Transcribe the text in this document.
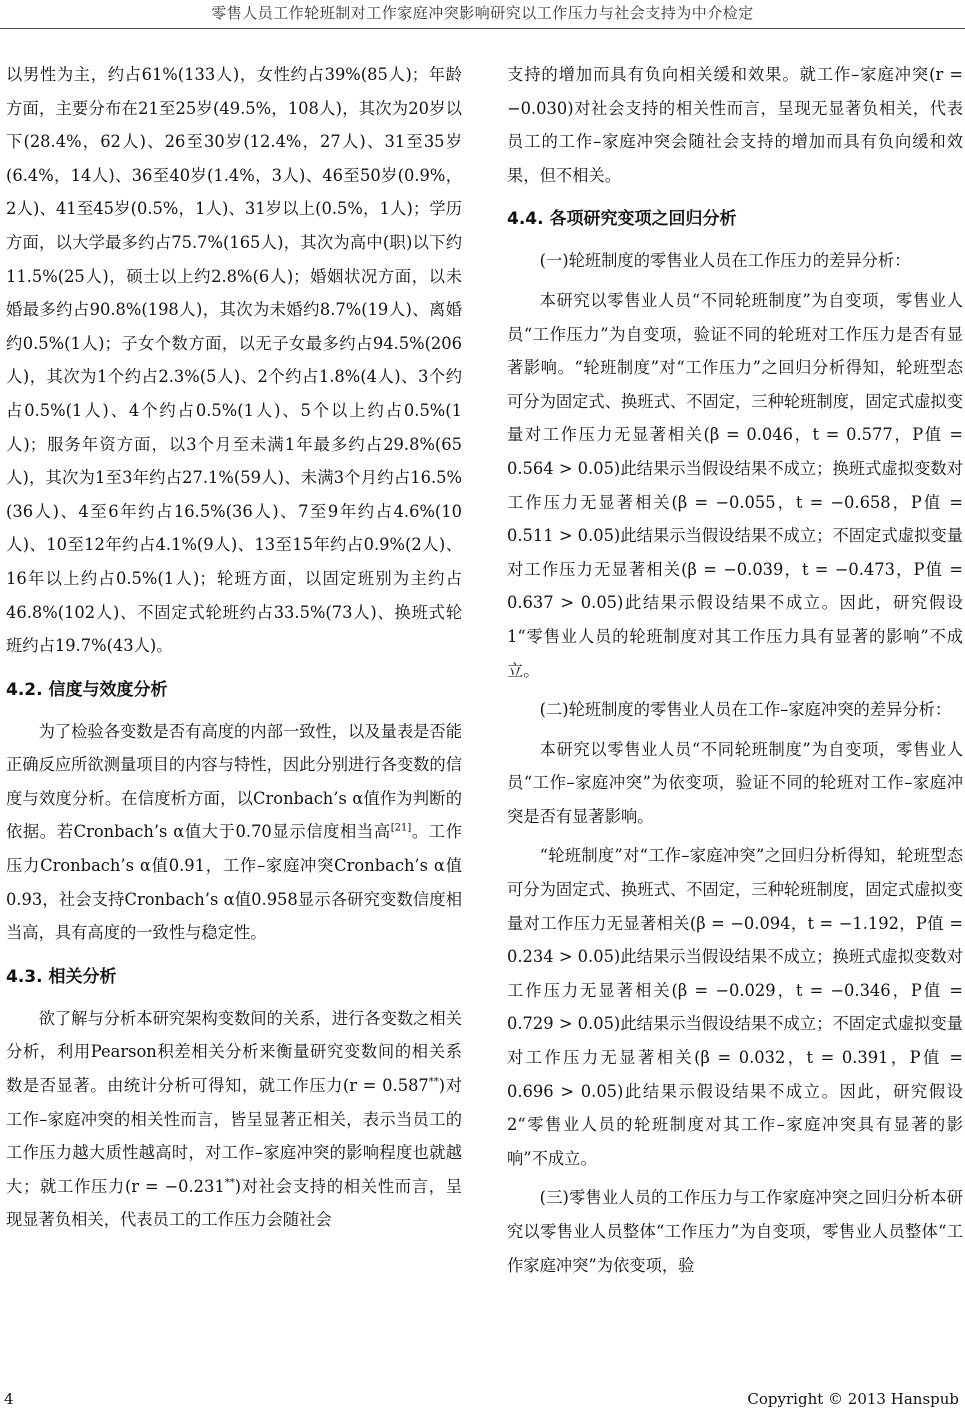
零售人员工作轮班制对工作家庭冲突影响研究以工作压力与社会支持为中介检定

以男性为主，约占61%(133人)，女性约占39%(85人)；年龄方面，主要分布在21至25岁(49.5%，108人)，其次为20岁以下(28.4%，62人)、26至30岁(12.4%，27人)、31至35岁(6.4%，14人)、36至40岁(1.4%，3人)、46至50岁(0.9%，2人)、41至45岁(0.5%，1人)、31岁以上(0.5%，1人)；学历方面，以大学最多约占75.7%(165人)，其次为高中(职)以下约11.5%(25人)，硕士以上约2.8%(6人)；婚姻状况方面，以未婚最多约占90.8%(198人)，其次为未婚约8.7%(19人)、离婚约0.5%(1人)；子女个数方面，以无子女最多约占94.5%(206人)，其次为1个约占2.3%(5人)、2个约占1.8%(4人)、3个约占0.5%(1人)、4个约占0.5%(1人)、5个以上约占0.5%(1人)；服务年资方面，以3个月至未满1年最多约占29.8%(65人)，其次为1至3年约占27.1%(59人)、未满3个月约占16.5%(36人)、4至6年约占16.5%(36人)、7至9年约占4.6%(10人)、10至12年约占4.1%(9人)、13至15年约占0.9%(2人)、16年以上约占0.5%(1人)；轮班方面，以固定班别为主约占46.8%(102人)、不固定式轮班约占33.5%(73人)、换班式轮班约占19.7%(43人)。

4.2. 信度与效度分析

为了检验各变数是否有高度的内部一致性，以及量表是否能正确反应所欲测量项目的内容与特性，因此分别进行各变数的信度与效度分析。在信度析方面，以Cronbach’s α值作为判断的依据。若Cronbach’s α值大于0.70显示信度相当高[21]。工作压力Cronbach’s α值0.91，工作–家庭冲突Cronbach’s α值0.93，社会支持Cronbach’s α值0.958显示各研究变数信度相当高，具有高度的一致性与稳定性。

4.3. 相关分析

欲了解与分析本研究架构变数间的关系，进行各变数之相关分析，利用Pearson积差相关分析来衡量研究变数间的相关系数是否显著。由统计分析可得知，就工作压力(r = 0.587**)对工作–家庭冲突的相关性而言，皆呈显著正相关，表示当员工的工作压力越大质性越高时，对工作–家庭冲突的影响程度也就越大；就工作压力(r = −0.231**)对社会支持的相关性而言，呈现显著负相关，代表员工的工作压力会随社会

支持的增加而具有负向相关缓和效果。就工作–家庭冲突(r = −0.030)对社会支持的相关性而言，呈现无显著负相关，代表员工的工作–家庭冲突会随社会支持的增加而具有负向缓和效果，但不相关。

4.4. 各项研究变项之回归分析

(一)轮班制度的零售业人员在工作压力的差异分析：

本研究以零售业人员“不同轮班制度”为自变项，零售业人员“工作压力”为自变项，验证不同的轮班对工作压力是否有显著影响。“轮班制度”对“工作压力”之回归分析得知，轮班型态可分为固定式、换班式、不固定，三种轮班制度，固定式虚拟变量对工作压力无显著相关(β = 0.046，t = 0.577，P值 = 0.564 > 0.05)此结果示当假设结果不成立；换班式虚拟变数对工作压力无显著相关(β = −0.055，t = −0.658，P值 = 0.511 > 0.05)此结果示当假设结果不成立；不固定式虚拟变量对工作压力无显著相关(β = −0.039，t = −0.473，P值 = 0.637 > 0.05)此结果示假设结果不成立。因此，研究假设1“零售业人员的轮班制度对其工作压力具有显著的影响”不成立。

(二)轮班制度的零售业人员在工作–家庭冲突的差异分析：

本研究以零售业人员“不同轮班制度”为自变项，零售业人员“工作–家庭冲突”为依变项，验证不同的轮班对工作–家庭冲突是否有显著影响。

“轮班制度”对“工作–家庭冲突”之回归分析得知，轮班型态可分为固定式、换班式、不固定，三种轮班制度，固定式虚拟变量对工作压力无显著相关(β = −0.094，t = −1.192，P值 = 0.234 > 0.05)此结果示当假设结果不成立；换班式虚拟变数对工作压力无显著相关(β = −0.029，t = −0.346，P值 = 0.729 > 0.05)此结果示当假设结果不成立；不固定式虚拟变量对工作压力无显著相关(β = 0.032，t = 0.391，P值 = 0.696 > 0.05)此结果示假设结果不成立。因此，研究假设2“零售业人员的轮班制度对其工作–家庭冲突具有显著的影响”不成立。

(三)零售业人员的工作压力与工作家庭冲突之回归分析本研究以零售业人员整体“工作压力”为自变项，零售业人员整体“工作家庭冲突”为依变项，验

4	Copyright © 2013 Hanspub
